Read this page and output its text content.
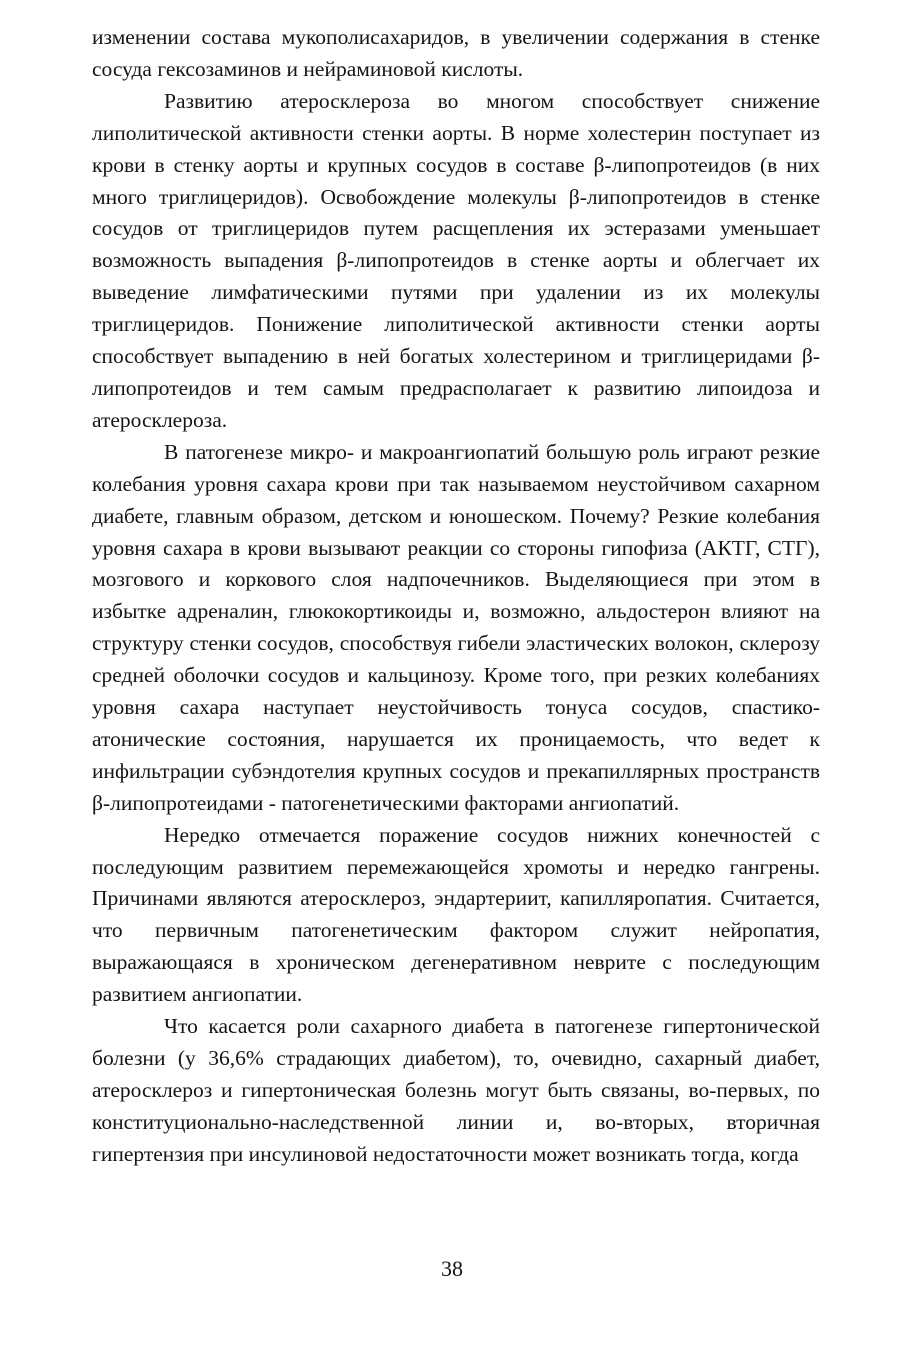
изменении состава мукополисахаридов, в увеличении содержания в стенке сосуда гексозаминов и нейраминовой кислоты.

Развитию атеросклероза во многом способствует снижение липолитической активности стенки аорты. В норме холестерин поступает из крови в стенку аорты и крупных сосудов в составе β-липопротеидов (в них много триглицеридов). Освобождение молекулы β-липопротеидов в стенке сосудов от триглицеридов путем расщепления их эстеразами уменьшает возможность выпадения β-липопротеидов в стенке аорты и облегчает их выведение лимфатическими путями при удалении из их молекулы триглицеридов. Понижение липолитической активности стенки аорты способствует выпадению в ней богатых холестерином и триглицеридами β-липопротеидов и тем самым предрасполагает к развитию липоидоза и атеросклероза.

В патогенезе микро- и макроангиопатий большую роль играют резкие колебания уровня сахара крови при так называемом неустойчивом сахарном диабете, главным образом, детском и юношеском. Почему? Резкие колебания уровня сахара в крови вызывают реакции со стороны гипофиза (АКТГ, СТГ), мозгового и коркового слоя надпочечников. Выделяющиеся при этом в избытке адреналин, глюкокортикоиды и, возможно, альдостерон влияют на структуру стенки сосудов, способствуя гибели эластических волокон, склерозу средней оболочки сосудов и кальцинозу. Кроме того, при резких колебаниях уровня сахара наступает неустойчивость тонуса сосудов, спастико-атонические состояния, нарушается их проницаемость, что ведет к инфильтрации субэндотелия крупных сосудов и прекапиллярных пространств β-липопротеидами - патогенетическими факторами ангиопатий.

Нередко отмечается поражение сосудов нижних конечностей с последующим развитием перемежающейся хромоты и нередко гангрены. Причинами являются атеросклероз, эндартериит, капилляропатия. Считается, что первичным патогенетическим фактором служит нейропатия, выражающаяся в хроническом дегенеративном неврите с последующим развитием ангиопатии.

Что касается роли сахарного диабета в патогенезе гипертонической болезни (у 36,6% страдающих диабетом), то, очевидно, сахарный диабет, атеросклероз и гипертоническая болезнь могут быть связаны, во-первых, по конституционально-наследственной линии и, во-вторых, вторичная гипертензия при инсулиновой недостаточности может возникать тогда, когда

38
